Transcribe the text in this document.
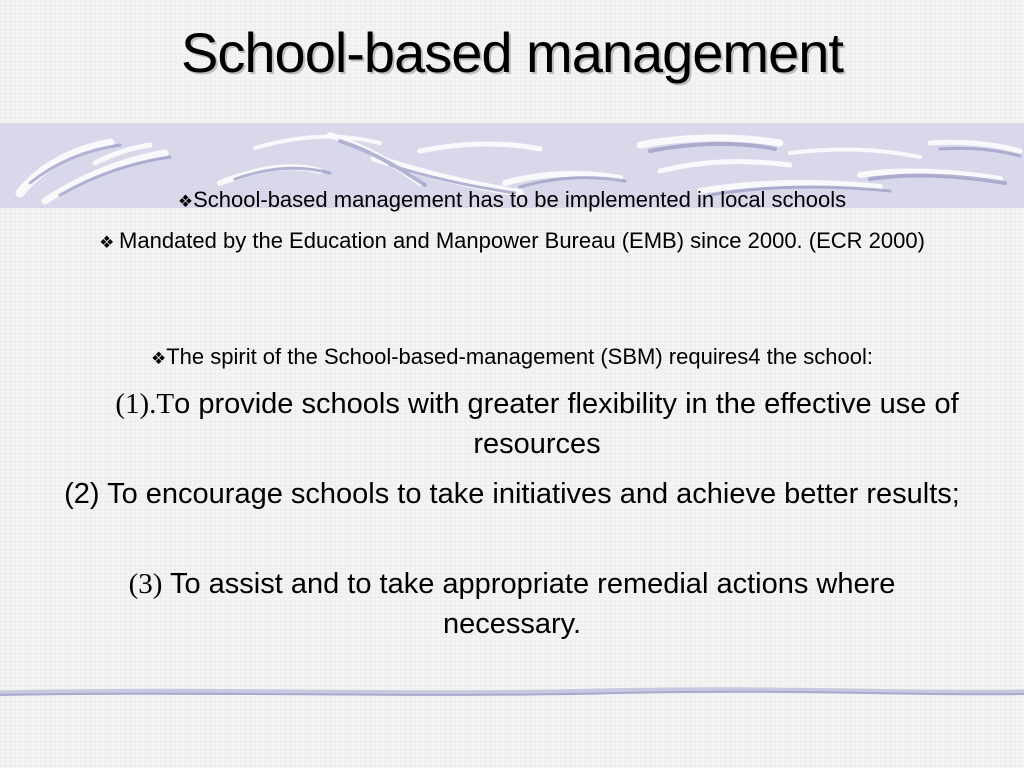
School-based management
❖School-based management has to be implemented in local schools
❖ Mandated by the Education and Manpower Bureau (EMB) since 2000. (ECR 2000)
❖The spirit of the School-based-management (SBM) requires4 the school:
(1).To provide schools with greater flexibility in the effective use of resources
(2) To encourage schools to take initiatives and achieve better results;
(3) To assist and to take appropriate remedial actions where necessary.
